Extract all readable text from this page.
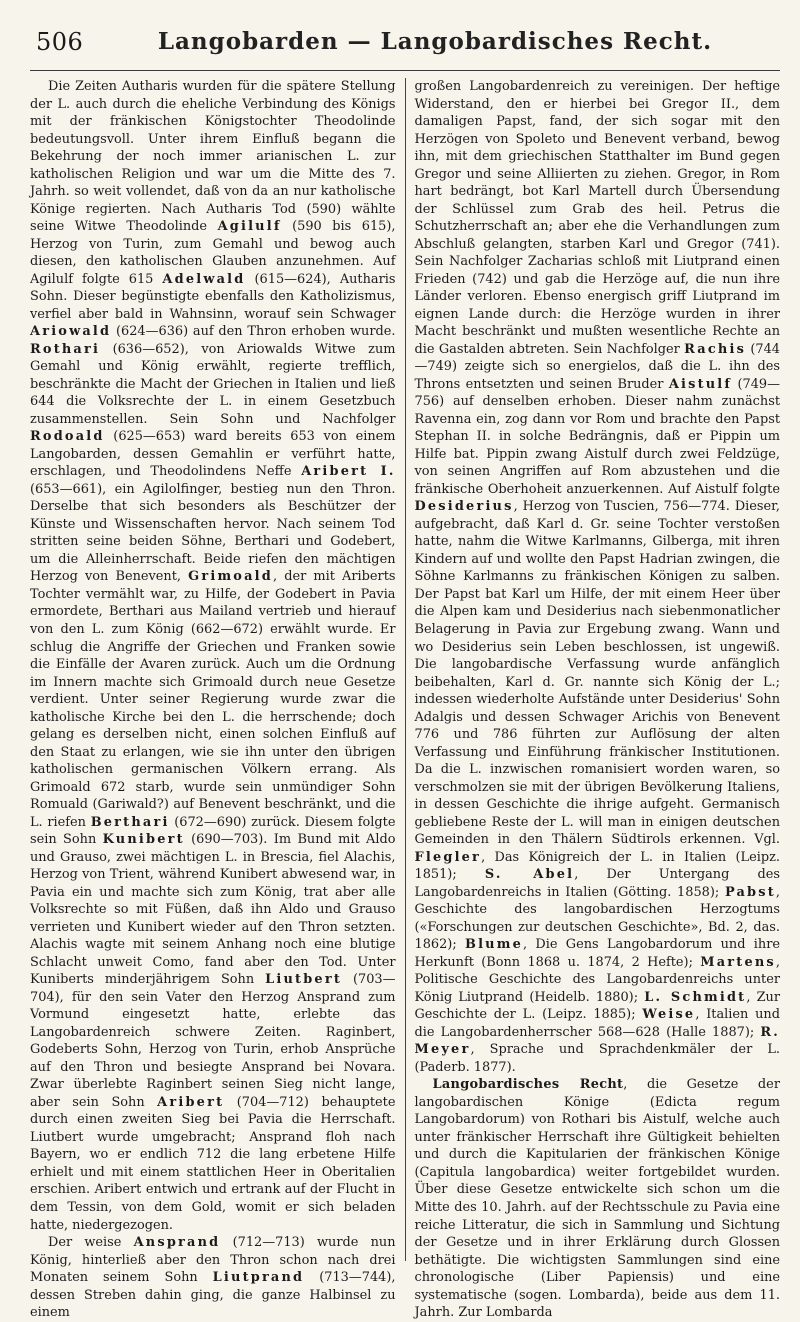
506	Langobarden — Langobardisches Recht.

Die Zeiten Autharis wurden für die spätere Stellung der L. auch durch die eheliche Verbindung des Königs mit der fränkischen Königstochter Theodolinde bedeutungsvoll. Unter ihrem Einfluß begann die Bekehrung der noch immer arianischen L. zur katholischen Religion und war um die Mitte des 7. Jahrh. so weit vollendet, daß von da an nur katholische Könige regierten. Nach Autharis Tod (590) wählte seine Witwe Theodolinde Agilulf (590 bis 615), Herzog von Turin, zum Gemahl und bewog auch diesen, den katholischen Glauben anzunehmen. Auf Agilulf folgte 615 Adelwald (615—624), Autharis Sohn. Dieser begünstigte ebenfalls den Katholizismus, verfiel aber bald in Wahnsinn, worauf sein Schwager Ariowald (624—636) auf den Thron erhoben wurde. Rothari (636—652), von Ariowalds Witwe zum Gemahl und König erwählt, regierte trefflich, beschränkte die Macht der Griechen in Italien und ließ 644 die Volksrechte der L. in einem Gesetzbuch zusammenstellen. Sein Sohn und Nachfolger Rodoald (625—653) ward bereits 653 von einem Langobarden, dessen Gemahlin er verführt hatte, erschlagen, und Theodolindens Neffe Aribert I. (653—661), ein Agilolfinger, bestieg nun den Thron. Derselbe that sich besonders als Beschützer der Künste und Wissenschaften hervor. Nach seinem Tod stritten seine beiden Söhne, Berthari und Godebert, um die Alleinherrschaft. Beide riefen den mächtigen Herzog von Benevent, Grimoald, der mit Ariberts Tochter vermählt war, zu Hilfe, der Godebert in Pavia ermordete, Berthari aus Mailand vertrieb und hierauf von den L. zum König (662—672) erwählt wurde. Er schlug die Angriffe der Griechen und Franken sowie die Einfälle der Avaren zurück. Auch um die Ordnung im Innern machte sich Grimoald durch neue Gesetze verdient. Unter seiner Regierung wurde zwar die katholische Kirche bei den L. die herrschende; doch gelang es derselben nicht, einen solchen Einfluß auf den Staat zu erlangen, wie sie ihn unter den übrigen katholischen germanischen Völkern errang. Als Grimoald 672 starb, wurde sein unmündiger Sohn Romuald (Gariwald?) auf Benevent beschränkt, und die L. riefen Berthari (672—690) zurück. Diesem folgte sein Sohn Kunibert (690—703). Im Bund mit Aldo und Grauso, zwei mächtigen L. in Brescia, fiel Alachis, Herzog von Trient, während Kunibert abwesend war, in Pavia ein und machte sich zum König, trat aber alle Volksrechte so mit Füßen, daß ihn Aldo und Grauso verrieten und Kunibert wieder auf den Thron setzten. Alachis wagte mit seinem Anhang noch eine blutige Schlacht unweit Como, fand aber den Tod. Unter Kuniberts minderjährigem Sohn Liutbert (703—704), für den sein Vater den Herzog Ansprand zum Vormund eingesetzt hatte, erlebte das Langobardenreich schwere Zeiten. Raginbert, Godeberts Sohn, Herzog von Turin, erhob Ansprüche auf den Thron und besiegte Ansprand bei Novara. Zwar überlebte Raginbert seinen Sieg nicht lange, aber sein Sohn Aribert (704—712) behauptete durch einen zweiten Sieg bei Pavia die Herrschaft. Liutbert wurde umgebracht; Ansprand floh nach Bayern, wo er endlich 712 die lang erbetene Hilfe erhielt und mit einem stattlichen Heer in Oberitalien erschien. Aribert entwich und ertrank auf der Flucht in dem Tessin, von dem Gold, womit er sich beladen hatte, niedergezogen.

Der weise Ansprand (712—713) wurde nun König, hinterließ aber den Thron schon nach drei Monaten seinem Sohn Liutprand (713—744), dessen Streben dahin ging, die ganze Halbinsel zu einem

großen Langobardenreich zu vereinigen. Der heftige Widerstand, den er hierbei bei Gregor II., dem damaligen Papst, fand, der sich sogar mit den Herzögen von Spoleto und Benevent verband, bewog ihn, mit dem griechischen Statthalter im Bund gegen Gregor und seine Alliierten zu ziehen. Gregor, in Rom hart bedrängt, bot Karl Martell durch Übersendung der Schlüssel zum Grab des heil. Petrus die Schutzherrschaft an; aber ehe die Verhandlungen zum Abschluß gelangten, starben Karl und Gregor (741). Sein Nachfolger Zacharias schloß mit Liutprand einen Frieden (742) und gab die Herzöge auf, die nun ihre Länder verloren. Ebenso energisch griff Liutprand im eignen Lande durch: die Herzöge wurden in ihrer Macht beschränkt und mußten wesentliche Rechte an die Gastalden abtreten. Sein Nachfolger Rachis (744—749) zeigte sich so energielos, daß die L. ihn des Throns entsetzten und seinen Bruder Aistulf (749—756) auf denselben erhoben. Dieser nahm zunächst Ravenna ein, zog dann vor Rom und brachte den Papst Stephan II. in solche Bedrängnis, daß er Pippin um Hilfe bat. Pippin zwang Aistulf durch zwei Feldzüge, von seinen Angriffen auf Rom abzustehen und die fränkische Oberhoheit anzuerkennen. Auf Aistulf folgte Desiderius, Herzog von Tuscien, 756—774. Dieser, aufgebracht, daß Karl d. Gr. seine Tochter verstoßen hatte, nahm die Witwe Karlmanns, Gilberga, mit ihren Kindern auf und wollte den Papst Hadrian zwingen, die Söhne Karlmanns zu fränkischen Königen zu salben. Der Papst bat Karl um Hilfe, der mit einem Heer über die Alpen kam und Desiderius nach siebenmonatlicher Belagerung in Pavia zur Ergebung zwang. Wann und wo Desiderius sein Leben beschlossen, ist ungewiß. Die langobardische Verfassung wurde anfänglich beibehalten, Karl d. Gr. nannte sich König der L.; indessen wiederholte Aufstände unter Desiderius' Sohn Adalgis und dessen Schwager Arichis von Benevent 776 und 786 führten zur Auflösung der alten Verfassung und Einführung fränkischer Institutionen. Da die L. inzwischen romanisiert worden waren, so verschmolzen sie mit der übrigen Bevölkerung Italiens, in dessen Geschichte die ihrige aufgeht. Germanisch gebliebene Reste der L. will man in einigen deutschen Gemeinden in den Thälern Südtirols erkennen. Vgl. Flegler, Das Königreich der L. in Italien (Leipz. 1851); S. Abel, Der Untergang des Langobardenreichs in Italien (Götting. 1858); Pabst, Geschichte des langobardischen Herzogtums («Forschungen zur deutschen Geschichte», Bd. 2, das. 1862); Blume, Die Gens Langobardorum und ihre Herkunft (Bonn 1868 u. 1874, 2 Hefte); Martens, Politische Geschichte des Langobardenreichs unter König Liutprand (Heidelb. 1880); L. Schmidt, Zur Geschichte der L. (Leipz. 1885); Weise, Italien und die Langobardenherrscher 568—628 (Halle 1887); R. Meyer, Sprache und Sprachdenkmäler der L. (Paderb. 1877).

Langobardisches Recht, die Gesetze der langobardischen Könige (Edicta regum Langobardorum) von Rothari bis Aistulf, welche auch unter fränkischer Herrschaft ihre Gültigkeit behielten und durch die Kapitularien der fränkischen Könige (Capitula langobardica) weiter fortgebildet wurden. Über diese Gesetze entwickelte sich schon um die Mitte des 10. Jahrh. auf der Rechtsschule zu Pavia eine reiche Litteratur, die sich in Sammlung und Sichtung der Gesetze und in ihrer Erklärung durch Glossen bethätigte. Die wichtigsten Sammlungen sind eine chronologische (Liber Papiensis) und eine systematische (sogen. Lombarda), beide aus dem 11. Jahrh. Zur Lombarda
